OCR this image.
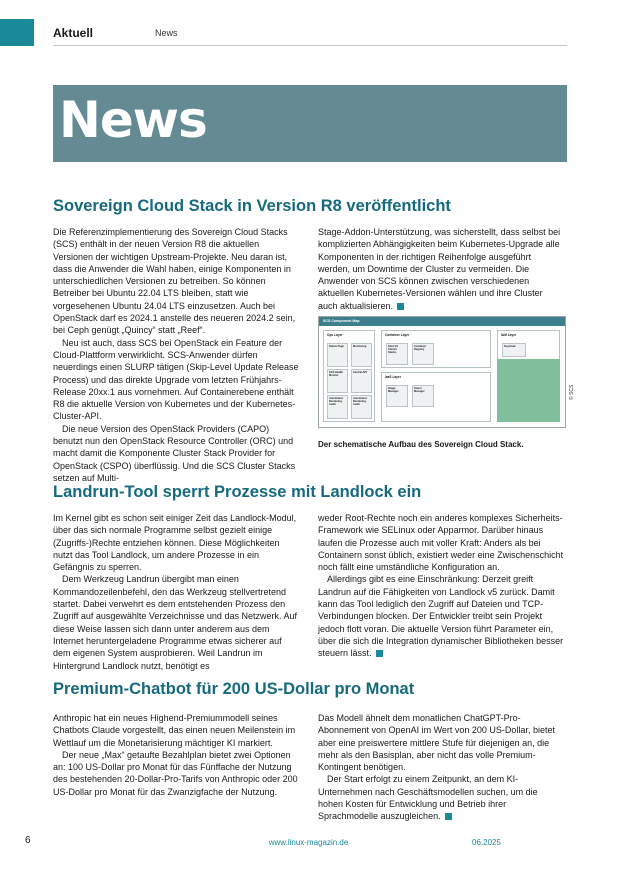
Aktuell	News
News
Sovereign Cloud Stack in Version R8 veröffentlicht

Die Referenzimplementierung des Sovereign Cloud Stacks (SCS) enthält in der neuen Version R8 die aktuellen Versionen der wichtigen Upstream-Projekte. Neu daran ist, dass die Anwender die Wahl haben, einige Komponenten in unterschiedlichen Versionen zu betreiben. So können Betreiber bei Ubuntu 22.04 LTS bleiben, statt wie vorgesehenen Ubuntu 24.04 LTS einzusetzen. Auch bei OpenStack darf es 2024.1 anstelle des neueren 2024.2 sein, bei Ceph genügt „Quincy“ statt „Reef“.

Neu ist auch, dass SCS bei OpenStack ein Feature der Cloud-Plattform verwirklicht. SCS-Anwender dürfen neuerdings einen SLURP tätigen (Skip-Level Update Release Process) und das direkte Upgrade vom letzten Frühjahrs-Release 20xx.1 aus vornehmen. Auf Containerebene enthält R8 die aktuelle Version von Kubernetes und der Kubernetes-Cluster-API.

Die neue Version des OpenStack Providers (CAPO) benutzt nun den OpenStack Resource Controller (ORC) und macht damit die Komponente Cluster Stack Provider for OpenStack (CSPO) überflüssig. Und die SCS Cluster Stacks setzen auf Multi-

Stage-Addon-Unterstützung, was sicherstellt, dass selbst bei komplizierten Abhängigkeiten beim Kubernetes-Upgrade alle Komponenten in der richtigen Reihenfolge ausgeführt werden, um Downtime der Cluster zu vermeiden. Die Anwender von SCS können zwischen verschiedenen aktuellen Kubernetes-Versionen wählen und ihre Cluster auch aktualisieren.

SCS Component Map
Ops Layer
Status Page	Monitoring
SCS Health Monitor
Central API
Automated Rendering, Audit
Automated Rendering, Audit
Container Layer
Kind VX Cluster Stacks
Container Registry
IaaS Layer
Image Manager
Flavor Manager
IAM Layer
Keycloak
© SCS
Der schematische Aufbau des Sovereign Cloud Stack.
Landrun-Tool sperrt Prozesse mit Landlock ein

Im Kernel gibt es schon seit einiger Zeit das Landlock-Modul, über das sich normale Programme selbst gezielt einige (Zugriffs-)Rechte entziehen können. Diese Möglichkeiten nutzt das Tool Landlock, um andere Prozesse in ein Gefängnis zu sperren.

Dem Werkzeug Landrun übergibt man einen Kommandozeilenbefehl, den das Werkzeug stellvertretend startet. Dabei verwehrt es dem entstehenden Prozess den Zugriff auf ausgewählte Verzeichnisse und das Netzwerk. Auf diese Weise lassen sich dann unter anderem aus dem Internet heruntergeladene Programme etwas sicherer auf dem eigenen System ausprobieren. Weil Landrun im Hintergrund Landlock nutzt, benötigt es

weder Root-Rechte noch ein anderes komplexes Sicherheits-Framework wie SELinux oder Apparmor. Darüber hinaus laufen die Prozesse auch mit voller Kraft: Anders als bei Containern sonst üblich, existiert weder eine Zwischenschicht noch fällt eine umständliche Konfiguration an.

Allerdings gibt es eine Einschränkung: Derzeit greift Landrun auf die Fähigkeiten von Landlock v5 zurück. Damit kann das Tool lediglich den Zugriff auf Dateien und TCP-Verbindungen blocken. Der Entwickler treibt sein Projekt jedoch flott voran. Die aktuelle Version führt Parameter ein, über die sich die Integration dynamischer Bibliotheken besser steuern lässt.

Premium-Chatbot für 200 US-Dollar pro Monat

Anthropic hat ein neues Highend-Premiummodell seines Chatbots Claude vorgestellt, das einen neuen Meilenstein im Wettlauf um die Monetarisierung mächtiger KI markiert.

Der neue „Max“ getaufte Bezahlplan bietet zwei Optionen an: 100 US-Dollar pro Monat für das Fünffache der Nutzung des bestehenden 20-Dollar-Pro-Tarifs von Anthropic oder 200 US-Dollar pro Monat für das Zwanzigfache der Nutzung.

Das Modell ähnelt dem monatlichen ChatGPT-Pro-Abonnement von OpenAI im Wert von 200 US-Dollar, bietet aber eine preiswertere mittlere Stufe für diejenigen an, die mehr als den Basisplan, aber nicht das volle Premium-Kontingent benötigen.

Der Start erfolgt zu einem Zeitpunkt, an dem KI-Unternehmen nach Geschäftsmodellen suchen, um die hohen Kosten für Entwicklung und Betrieb ihrer Sprachmodelle auszugleichen.

6	www.linux-magazin.de	06.2025
